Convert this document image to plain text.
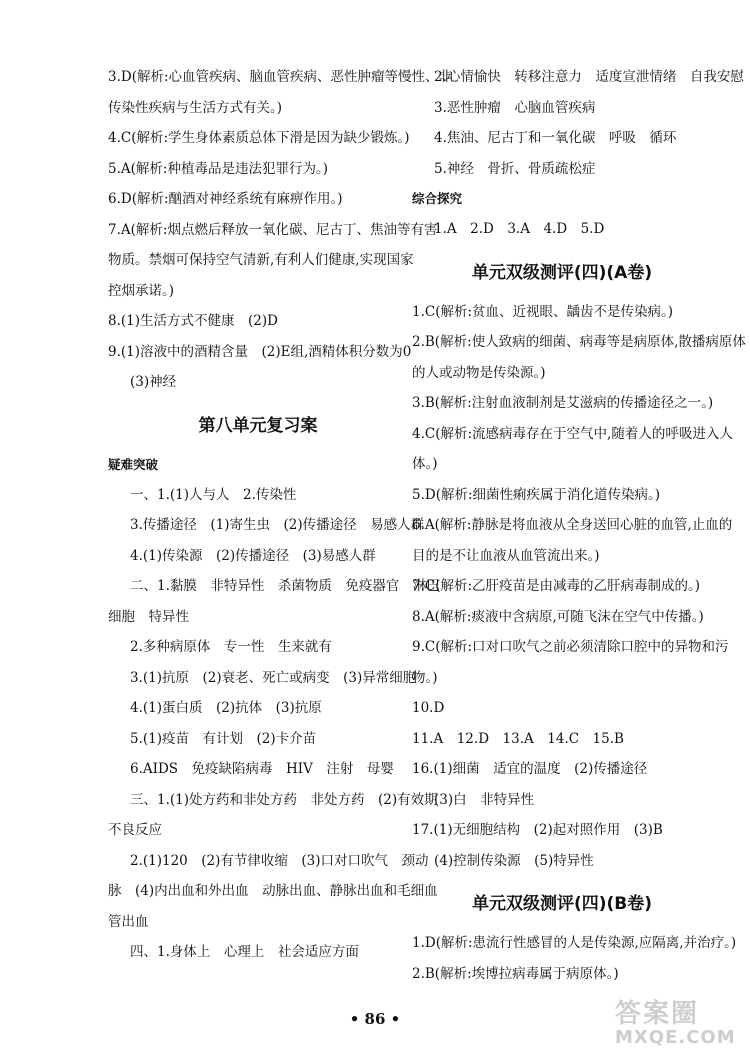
3.D(解析:心血管疾病、脑血管疾病、恶性肿瘤等慢性、非
传染性疾病与生活方式有关。)
4.C(解析:学生身体素质总体下滑是因为缺少锻炼。)
5.A(解析:种植毒品是违法犯罪行为。)
6.D(解析:酗酒对神经系统有麻痹作用。)
7.A(解析:烟点燃后释放一氧化碳、尼古丁、焦油等有害
物质。禁烟可保持空气清新,有利人们健康,实现国家
控烟承诺。)
8.(1)生活方式不健康　(2)D
9.(1)溶液中的酒精含量　(2)E组,酒精体积分数为0
(3)神经
第八单元复习案
疑难突破
一、1.(1)人与人　2.传染性
3.传播途径　(1)寄生虫　(2)传播途径　易感人群
4.(1)传染源　(2)传播途径　(3)易感人群
二、1.黏膜　非特异性　杀菌物质　免疫器官　淋巴
细胞　特异性
2.多种病原体　专一性　生来就有
3.(1)抗原　(2)衰老、死亡或病变　(3)异常细胞
4.(1)蛋白质　(2)抗体　(3)抗原
5.(1)疫苗　有计划　(2)卡介苗
6.AIDS　免疫缺陷病毒　HIV　注射　母婴
三、1.(1)处方药和非处方药　非处方药　(2)有效期
不良反应
2.(1)120　(2)有节律收缩　(3)口对口吹气　颈动
脉　(4)内出血和外出血　动脉出血、静脉出血和毛细血
管出血
四、1.身体上　心理上　社会适应方面
2.心情愉快　转移注意力　适度宣泄情绪　自我安慰
3.恶性肿瘤　心脑血管疾病
4.焦油、尼古丁和一氧化碳　呼吸　循环
5.神经　骨折、骨质疏松症
综合探究
1.A　2.D　3.A　4.D　5.D
单元双级测评(四)(A卷)
1.C(解析:贫血、近视眼、龋齿不是传染病。)
2.B(解析:使人致病的细菌、病毒等是病原体,散播病原体
的人或动物是传染源。)
3.B(解析:注射血液制剂是艾滋病的传播途径之一。)
4.C(解析:流感病毒存在于空气中,随着人的呼吸进入人
体。)
5.D(解析:细菌性痢疾属于消化道传染病。)
6.A(解析:静脉是将血液从全身送回心脏的血管,止血的
目的是不让血液从血管流出来。)
7.C(解析:乙肝疫苗是由减毒的乙肝病毒制成的。)
8.A(解析:痰液中含病原,可随飞沫在空气中传播。)
9.C(解析:口对口吹气之前必须清除口腔中的异物和污
物。)
10.D
11.A　12.D　13.A　14.C　15.B
16.(1)细菌　适宜的温度　(2)传播途径
(3)白　非特异性
17.(1)无细胞结构　(2)起对照作用　(3)B
(4)控制传染源　(5)特异性
单元双级测评(四)(B卷)
1.D(解析:患流行性感冒的人是传染源,应隔离,并治疗。)
2.B(解析:埃博拉病毒属于病原体。)
• 86 •	答案圈
MXQE.COM
